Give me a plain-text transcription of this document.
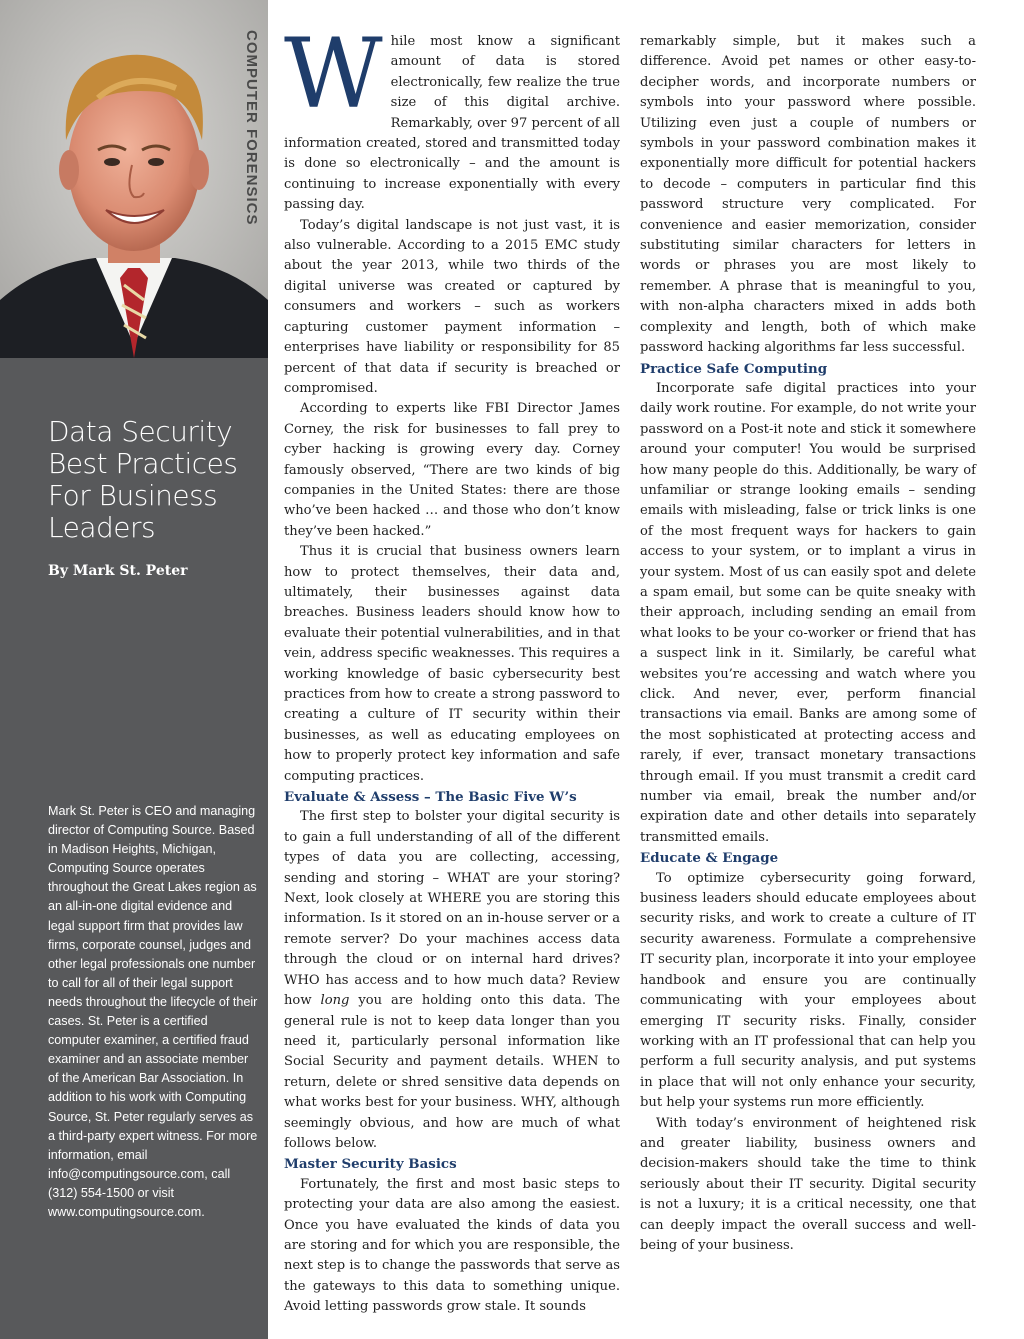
COMPUTER FORENSICS
Data Security Best Practices For Business Leaders
By Mark St. Peter
Mark St. Peter is CEO and managing director of Computing Source. Based in Madison Heights, Michigan, Computing Source operates throughout the Great Lakes region as an all-in-one digital evidence and legal support firm that provides law firms, corporate counsel, judges and other legal professionals one number to call for all of their legal support needs throughout the lifecycle of their cases. St. Peter is a certified computer examiner, a certified fraud examiner and an associate member of the American Bar Association. In addition to his work with Computing Source, St. Peter regularly serves as a third-party expert witness. For more information, email info@computingsource.com, call (312) 554-1500 or visit www.computingsource.com.

While most know a significant amount of data is stored electronically, few realize the true size of this digital archive. Remarkably, over 97 percent of all information created, stored and transmitted today is done so electronically – and the amount is continuing to increase exponentially with every passing day.

Today’s digital landscape is not just vast, it is also vulnerable. According to a 2015 EMC study about the year 2013, while two thirds of the digital universe was created or captured by consumers and workers – such as workers capturing customer payment information – enterprises have liability or responsibility for 85 percent of that data if security is breached or compromised.

According to experts like FBI Director James Corney, the risk for businesses to fall prey to cyber hacking is growing every day. Corney famously observed, “There are two kinds of big companies in the United States: there are those who’ve been hacked … and those who don’t know they’ve been hacked.”

Thus it is crucial that business owners learn how to protect themselves, their data and, ultimately, their businesses against data breaches. Business leaders should know how to evaluate their potential vulnerabilities, and in that vein, address specific weaknesses. This requires a working knowledge of basic cybersecurity best practices from how to create a strong password to creating a culture of IT security within their businesses, as well as educating employees on how to properly protect key information and safe computing practices.

Evaluate & Assess – The Basic Five W’s

The first step to bolster your digital security is to gain a full understanding of all of the different types of data you are collecting, accessing, sending and storing – WHAT are your storing? Next, look closely at WHERE you are storing this information. Is it stored on an in-house server or a remote server? Do your machines access data through the cloud or on internal hard drives? WHO has access and to how much data? Review how long you are holding onto this data. The general rule is not to keep data longer than you need it, particularly personal information like Social Security and payment details. WHEN to return, delete or shred sensitive data depends on what works best for your business. WHY, although seemingly obvious, and how are much of what follows below.

Master Security Basics

Fortunately, the first and most basic steps to protecting your data are also among the easiest. Once you have evaluated the kinds of data you are storing and for which you are responsible, the next step is to change the passwords that serve as the gateways to this data to something unique. Avoid letting passwords grow stale. It sounds

remarkably simple, but it makes such a difference. Avoid pet names or other easy-to-decipher words, and incorporate numbers or symbols into your password where possible. Utilizing even just a couple of numbers or symbols in your password combination makes it exponentially more difficult for potential hackers to decode – computers in particular find this password structure very complicated. For convenience and easier memorization, consider substituting similar characters for letters in words or phrases you are most likely to remember. A phrase that is meaningful to you, with non-alpha characters mixed in adds both complexity and length, both of which make password hacking algorithms far less successful.

Practice Safe Computing

Incorporate safe digital practices into your daily work routine. For example, do not write your password on a Post-it note and stick it somewhere around your computer! You would be surprised how many people do this. Additionally, be wary of unfamiliar or strange looking emails – sending emails with misleading, false or trick links is one of the most frequent ways for hackers to gain access to your system, or to implant a virus in your system. Most of us can easily spot and delete a spam email, but some can be quite sneaky with their approach, including sending an email from what looks to be your co-worker or friend that has a suspect link in it. Similarly, be careful what websites you’re accessing and watch where you click. And never, ever, perform financial transactions via email. Banks are among some of the most sophisticated at protecting access and rarely, if ever, transact monetary transactions through email. If you must transmit a credit card number via email, break the number and/or expiration date and other details into separately transmitted emails.

Educate & Engage

To optimize cybersecurity going forward, business leaders should educate employees about security risks, and work to create a culture of IT security awareness. Formulate a comprehensive IT security plan, incorporate it into your employee handbook and ensure you are continually communicating with your employees about emerging IT security risks. Finally, consider working with an IT professional that can help you perform a full security analysis, and put systems in place that will not only enhance your security, but help your systems run more efficiently.

With today’s environment of heightened risk and greater liability, business owners and decision-makers should take the time to think seriously about their IT security. Digital security is not a luxury; it is a critical necessity, one that can deeply impact the overall success and well-being of your business.
